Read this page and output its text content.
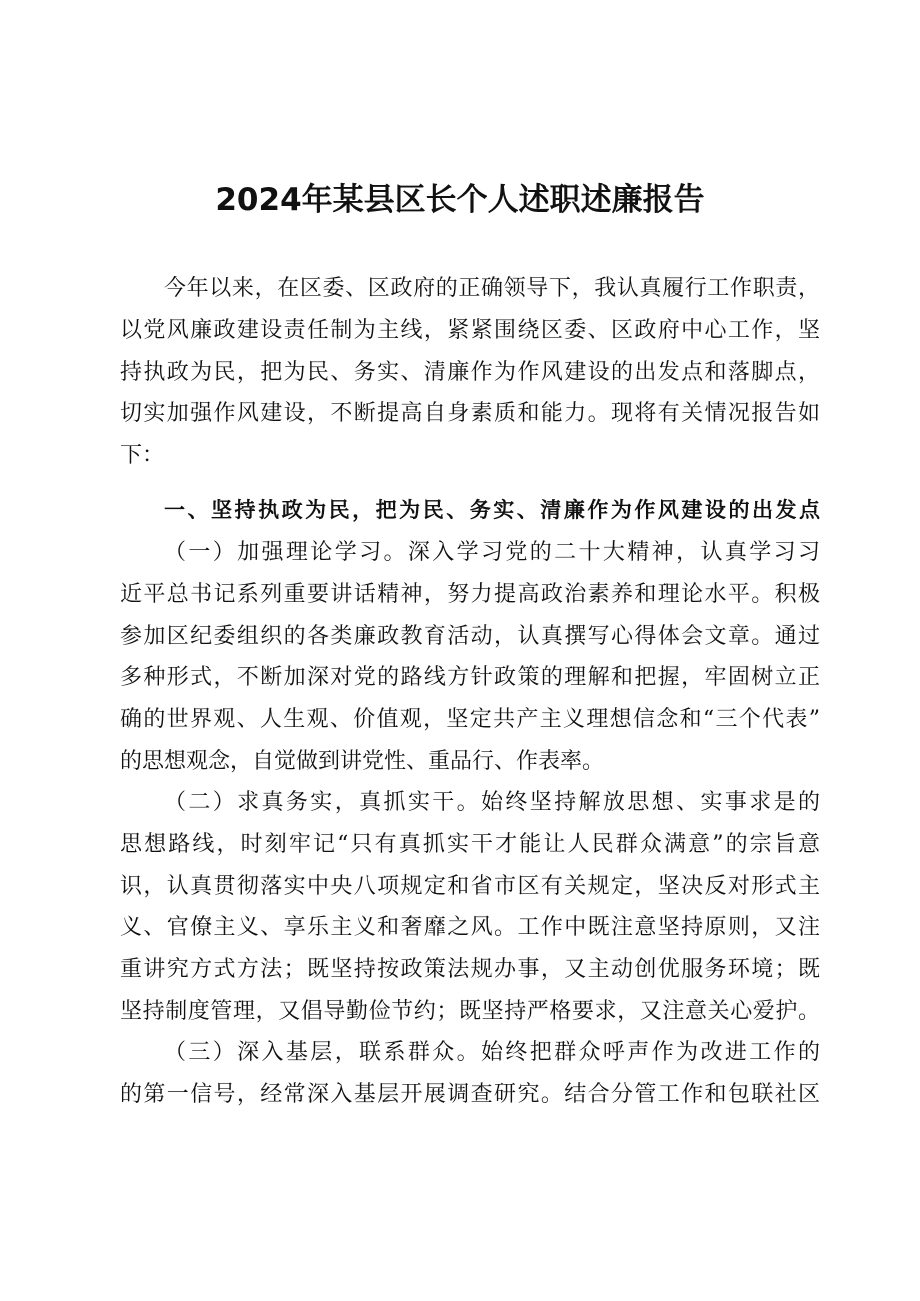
2024年某县区长个人述职述廉报告
今年以来，在区委、区政府的正确领导下，我认真履行工作职责，
以党风廉政建设责任制为主线，紧紧围绕区委、区政府中心工作，坚
持执政为民，把为民、务实、清廉作为作风建设的出发点和落脚点，
切实加强作风建设，不断提高自身素质和能力。现将有关情况报告如
下：
一、坚持执政为民，把为民、务实、清廉作为作风建设的出发点
（一）加强理论学习。深入学习党的二十大精神，认真学习习
近平总书记系列重要讲话精神，努力提高政治素养和理论水平。积极
参加区纪委组织的各类廉政教育活动，认真撰写心得体会文章。通过
多种形式，不断加深对党的路线方针政策的理解和把握，牢固树立正
确的世界观、人生观、价值观，坚定共产主义理想信念和“三个代表”
的思想观念，自觉做到讲党性、重品行、作表率。
（二）求真务实，真抓实干。始终坚持解放思想、实事求是的
思想路线，时刻牢记“只有真抓实干才能让人民群众满意”的宗旨意
识，认真贯彻落实中央八项规定和省市区有关规定，坚决反对形式主
义、官僚主义、享乐主义和奢靡之风。工作中既注意坚持原则，又注
重讲究方式方法；既坚持按政策法规办事，又主动创优服务环境；既
坚持制度管理，又倡导勤俭节约；既坚持严格要求，又注意关心爱护。
（三）深入基层，联系群众。始终把群众呼声作为改进工作的
的第一信号，经常深入基层开展调查研究。结合分管工作和包联社区
